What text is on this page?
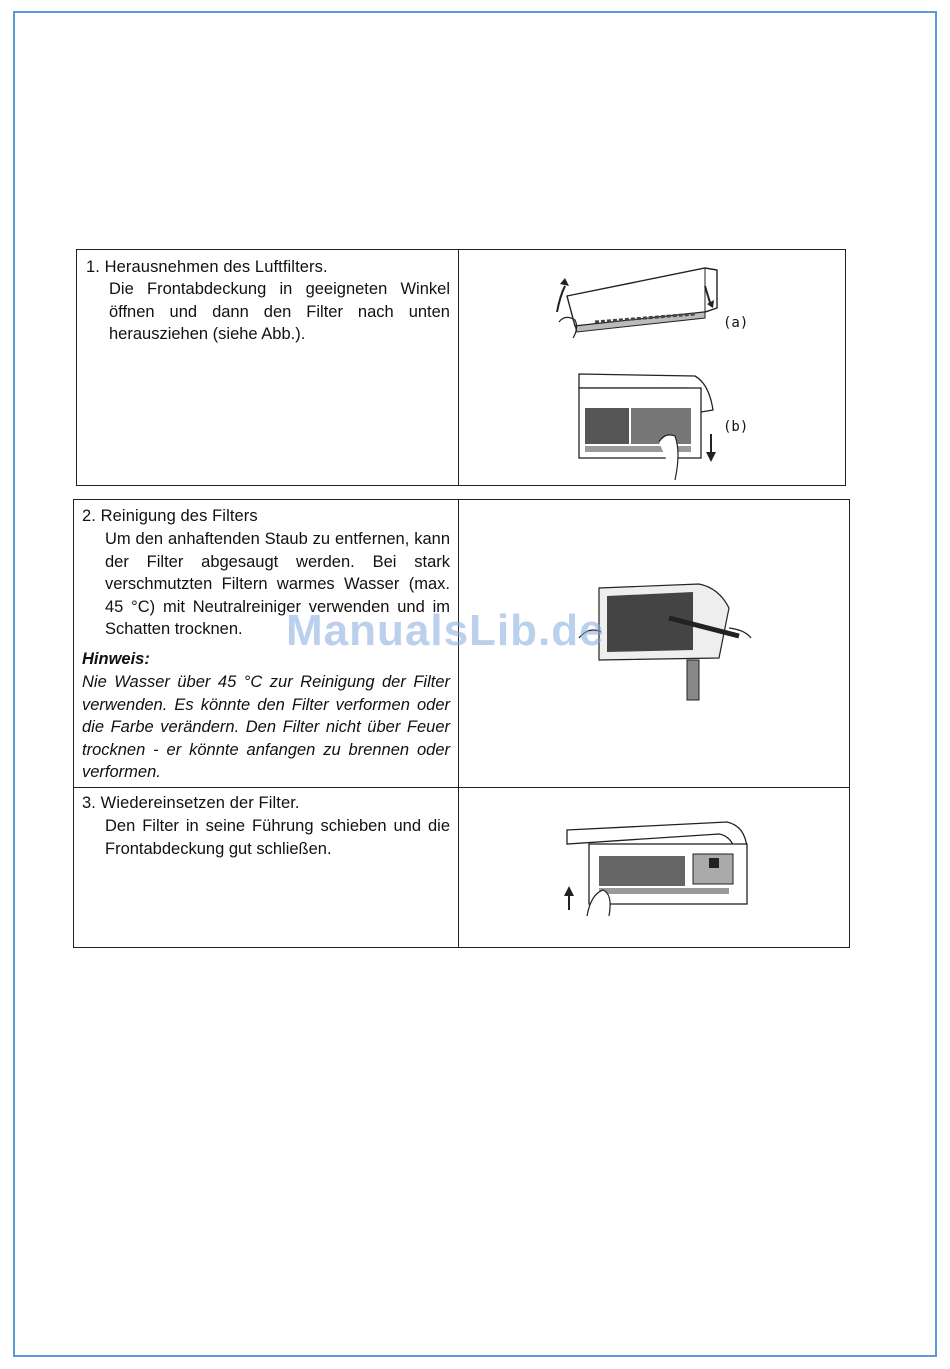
1. Herausnehmen des Luftfilters.
Die Frontabdeckung in geeigneten Winkel öffnen und dann den Filter nach unten herausziehen (siehe Abb.).
(a)
(b)
2. Reinigung des Filters
Um den anhaftenden Staub zu entfernen, kann der Filter abgesaugt werden. Bei stark verschmutzten Filtern warmes Wasser (max. 45 °C) mit Neutralreiniger verwenden und im Schatten trocknen.
Hinweis:
Nie Wasser über 45 °C zur Reinigung der Filter verwenden. Es könnte den Filter verformen oder die Farbe verändern. Den Filter nicht über Feuer trocknen - er könnte anfangen zu brennen oder verformen.
3. Wiedereinsetzen der Filter.
Den Filter in seine Führung schieben und die Frontabdeckung gut schließen.
ManualsLib.de
